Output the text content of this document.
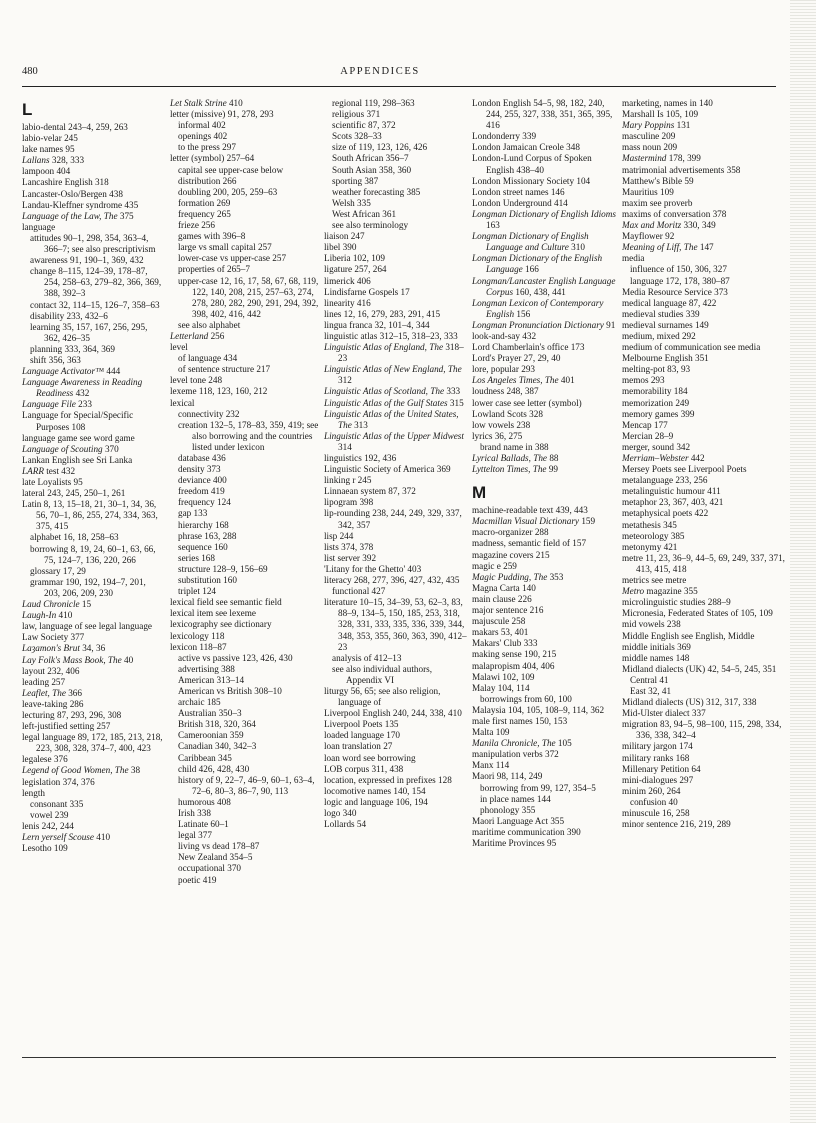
480	APPENDICES
L
labio-dental 243–4, 259, 263
labio-velar 245
lake names 95
Lallans 328, 333
lampoon 404
Lancashire English 318
Lancaster-Oslo/Bergen 438
Landau-Kleffner syndrome 435
Language of the Law, The 375
language
attitudes 90–1, 298, 354, 363–4, 366–7; see also prescriptivism
awareness 91, 190–1, 369, 432
change 8–115, 124–39, 178–87, 254, 258–63, 279–82, 366, 369, 388, 392–3
contact 32, 114–15, 126–7, 358–63
disability 233, 432–6
learning 35, 157, 167, 256, 295, 362, 426–35
planning 333, 364, 369
shift 356, 363
Language Activator™ 444
Language Awareness in Reading Readiness 432
Language File 233
Language for Special/Specific Purposes 108
language game see word game
Language of Scouting 370
Lankan English see Sri Lanka
LARR test 432
late Loyalists 95
lateral 243, 245, 250–1, 261
Latin 8, 13, 15–18, 21, 30–1, 34, 36, 56, 70–1, 86, 255, 274, 334, 363, 375, 415
alphabet 16, 18, 258–63
borrowing 8, 19, 24, 60–1, 63, 66, 75, 124–7, 136, 220, 266
glossary 17, 29
grammar 190, 192, 194–7, 201, 203, 206, 209, 230
Laud Chronicle 15
Laugh-In 410
law, language of see legal language
Law Society 377
Laȝamon's Brut 34, 36
Lay Folk's Mass Book, The 40
layout 232, 406
leading 257
Leaflet, The 366
leave-taking 286
lecturing 87, 293, 296, 308
left-justified setting 257
legal language 89, 172, 185, 213, 218, 223, 308, 328, 374–7, 400, 423
legalese 376
Legend of Good Women, The 38
legislation 374, 376
length
consonant 335
vowel 239
lenis 242, 244
Lern yerself Scouse 410
Lesotho 109
Let Stalk Strine 410
letter (missive) 91, 278, 293
informal 402
openings 402
to the press 297
letter (symbol) 257–64
capital see upper-case below
distribution 266
doubling 200, 205, 259–63
formation 269
frequency 265
frieze 256
games with 396–8
large vs small capital 257
lower-case vs upper-case 257
properties of 265–7
upper-case 12, 16, 17, 58, 67, 68, 119, 122, 140, 208, 215, 257–63, 274, 278, 280, 282, 290, 291, 294, 392, 398, 402, 416, 442
see also alphabet
Letterland 256
level
of language 434
of sentence structure 217
level tone 248
lexeme 118, 123, 160, 212
lexical
connectivity 232
creation 132–5, 178–83, 359, 419; see also borrowing and the countries listed under lexicon
database 436
density 373
deviance 400
freedom 419
frequency 124
gap 133
hierarchy 168
phrase 163, 288
sequence 160
series 168
structure 128–9, 156–69
substitution 160
triplet 124
lexical field see semantic field
lexical item see lexeme
lexicography see dictionary
lexicology 118
lexicon 118–87
active vs passive 123, 426, 430
advertising 388
American 313–14
American vs British 308–10
archaic 185
Australian 350–3
British 318, 320, 364
Cameroonian 359
Canadian 340, 342–3
Caribbean 345
child 426, 428, 430
history of 9, 22–7, 46–9, 60–1, 63–4, 72–6, 80–3, 86–7, 90, 113
humorous 408
Irish 338
Latinate 60–1
legal 377
living vs dead 178–87
New Zealand 354–5
occupational 370
poetic 419
regional 119, 298–363
religious 371
scientific 87, 372
Scots 328–33
size of 119, 123, 126, 426
South African 356–7
South Asian 358, 360
sporting 387
weather forecasting 385
Welsh 335
West African 361
see also terminology
liaison 247
libel 390
Liberia 102, 109
ligature 257, 264
limerick 406
Lindisfarne Gospels 17
linearity 416
lines 12, 16, 279, 283, 291, 415
lingua franca 32, 101–4, 344
linguistic atlas 312–15, 318–23, 333
Linguistic Atlas of England, The 318–23
Linguistic Atlas of New England, The 312
Linguistic Atlas of Scotland, The 333
Linguistic Atlas of the Gulf States 315
Linguistic Atlas of the United States, The 313
Linguistic Atlas of the Upper Midwest 314
linguistics 192, 436
Linguistic Society of America 369
linking r 245
Linnaean system 87, 372
lipogram 398
lip-rounding 238, 244, 249, 329, 337, 342, 357
lisp 244
lists 374, 378
list server 392
'Litany for the Ghetto' 403
literacy 268, 277, 396, 427, 432, 435
functional 427
literature 10–15, 34–39, 53, 62–3, 83, 88–9, 134–5, 150, 185, 253, 318, 328, 331, 333, 335, 336, 339, 344, 348, 353, 355, 360, 363, 390, 412–23
analysis of 412–13
see also individual authors, Appendix VI
liturgy 56, 65; see also religion, language of
Liverpool English 240, 244, 338, 410
Liverpool Poets 135
loaded language 170
loan translation 27
loan word see borrowing
LOB corpus 311, 438
location, expressed in prefixes 128
locomotive names 140, 154
logic and language 106, 194
logo 340
Lollards 54
London English 54–5, 98, 182, 240, 244, 255, 327, 338, 351, 365, 395, 416
Londonderry 339
London Jamaican Creole 348
London-Lund Corpus of Spoken English 438–40
London Missionary Society 104
London street names 146
London Underground 414
Longman Dictionary of English Idioms 163
Longman Dictionary of English Language and Culture 310
Longman Dictionary of the English Language 166
Longman/Lancaster English Language Corpus 160, 438, 441
Longman Lexicon of Contemporary English 156
Longman Pronunciation Dictionary 91
look-and-say 432
Lord Chamberlain's office 173
Lord's Prayer 27, 29, 40
lore, popular 293
Los Angeles Times, The 401
loudness 248, 387
lower case see letter (symbol)
Lowland Scots 328
low vowels 238
lyrics 36, 275
brand name in 388
Lyrical Ballads, The 88
Lyttelton Times, The 99
M
machine-readable text 439, 443
Macmillan Visual Dictionary 159
macro-organizer 288
madness, semantic field of 157
magazine covers 215
magic e 259
Magic Pudding, The 353
Magna Carta 140
main clause 226
major sentence 216
majuscule 258
makars 53, 401
Makars' Club 333
making sense 190, 215
malapropism 404, 406
Malawi 102, 109
Malay 104, 114
borrowings from 60, 100
Malaysia 104, 105, 108–9, 114, 362
male first names 150, 153
Malta 109
Manila Chronicle, The 105
manipulation verbs 372
Manx 114
Maori 98, 114, 249
borrowing from 99, 127, 354–5
in place names 144
phonology 355
Maori Language Act 355
maritime communication 390
Maritime Provinces 95
marketing, names in 140
Marshall Is 105, 109
Mary Poppins 131
masculine 209
mass noun 209
Mastermind 178, 399
matrimonial advertisements 358
Matthew's Bible 59
Mauritius 109
maxim see proverb
maxims of conversation 378
Max and Moritz 330, 349
Mayflower 92
Meaning of Liff, The 147
media
influence of 150, 306, 327
language 172, 178, 380–87
Media Resource Service 373
medical language 87, 422
medieval studies 339
medieval surnames 149
medium, mixed 292
medium of communication see media
Melbourne English 351
melting-pot 83, 93
memos 293
memorability 184
memorization 249
memory games 399
Mencap 177
Mercian 28–9
merger, sound 342
Merriam–Webster 442
Mersey Poets see Liverpool Poets
metalanguage 233, 256
metalinguistic humour 411
metaphor 23, 367, 403, 421
metaphysical poets 422
metathesis 345
meteorology 385
metonymy 421
metre 11, 23, 36–9, 44–5, 69, 249, 337, 371, 413, 415, 418
metrics see metre
Metro magazine 355
microlinguistic studies 288–9
Micronesia, Federated States of 105, 109
mid vowels 238
Middle English see English, Middle
middle initials 369
middle names 148
Midland dialects (UK) 42, 54–5, 245, 351
Central 41
East 32, 41
Midland dialects (US) 312, 317, 338
Mid-Ulster dialect 337
migration 83, 94–5, 98–100, 115, 298, 334, 336, 338, 342–4
military jargon 174
military ranks 168
Millenary Petition 64
mini-dialogues 297
minim 260, 264
confusion 40
minuscule 16, 258
minor sentence 216, 219, 289
